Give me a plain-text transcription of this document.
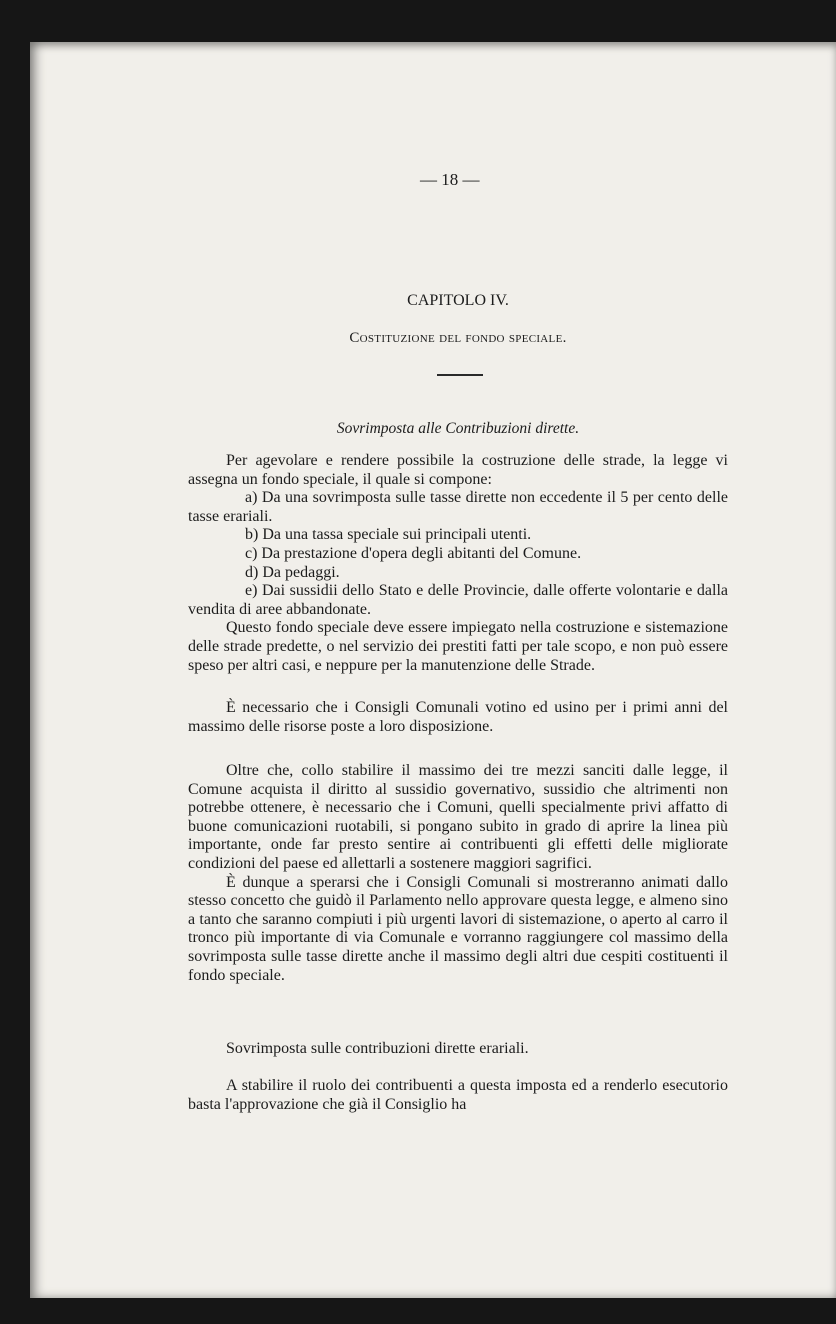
— 18 —
CAPITOLO IV.
Costituzione del fondo speciale.
Sovrimposta alle Contribuzioni dirette.

Per agevolare e rendere possibile la costruzione delle strade, la legge vi assegna un fondo speciale, il quale si compone:

a) Da una sovrimposta sulle tasse dirette non eccedente il 5 per cento delle tasse erariali.

b) Da una tassa speciale sui principali utenti.

c) Da prestazione d'opera degli abitanti del Comune.

d) Da pedaggi.

e) Dai sussidii dello Stato e delle Provincie, dalle offerte volontarie e dalla vendita di aree abbandonate.

Questo fondo speciale deve essere impiegato nella costruzione e sistemazione delle strade predette, o nel servizio dei prestiti fatti per tale scopo, e non può essere speso per altri casi, e neppure per la manutenzione delle Strade.

È necessario che i Consigli Comunali votino ed usino per i primi anni del massimo delle risorse poste a loro disposizione.

Oltre che, collo stabilire il massimo dei tre mezzi sanciti dalle legge, il Comune acquista il diritto al sussidio governativo, sussidio che altrimenti non potrebbe ottenere, è necessario che i Comuni, quelli specialmente privi affatto di buone comunicazioni ruotabili, si pongano subito in grado di aprire la linea più importante, onde far presto sentire ai contribuenti gli effetti delle migliorate condizioni del paese ed allettarli a sostenere maggiori sagrifici.

È dunque a sperarsi che i Consigli Comunali si mostreranno animati dallo stesso concetto che guidò il Parlamento nello approvare questa legge, e almeno sino a tanto che saranno compiuti i più urgenti lavori di sistemazione, o aperto al carro il tronco più importante di via Comunale e vorranno raggiungere col massimo della sovrimposta sulle tasse dirette anche il massimo degli altri due cespiti costituenti il fondo speciale.

Sovrimposta sulle contribuzioni dirette erariali.

A stabilire il ruolo dei contribuenti a questa imposta ed a renderlo esecutorio basta l'approvazione che già il Consiglio ha
